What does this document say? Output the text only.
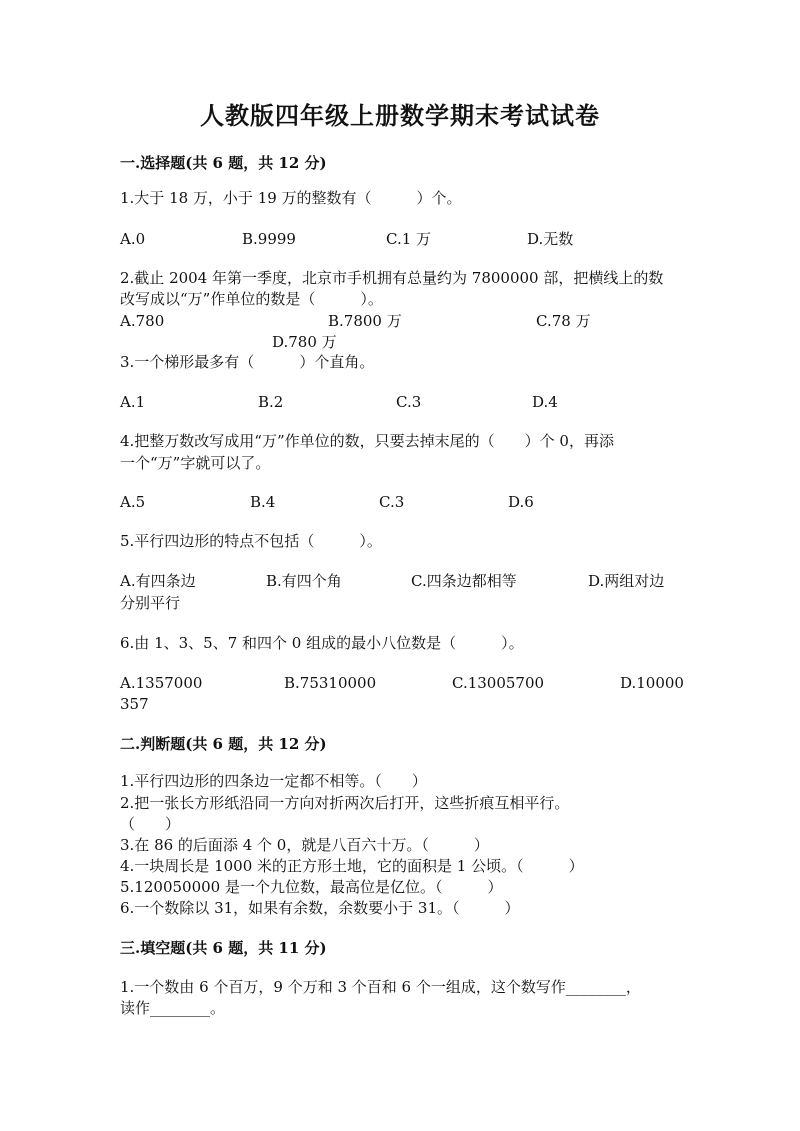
人教版四年级上册数学期末考试试卷
一.选择题(共 6 题，共 12 分)
1.大于 18 万，小于 19 万的整数有（　　　）个。
A.0	B.9999	C.1 万	D.无数
2.截止 2004 年第一季度，北京市手机拥有总量约为 7800000 部，把横线上的数
改写成以“万”作单位的数是（　　　）。
A.780	B.7800 万	C.78 万
D.780 万
3.一个梯形最多有（　　　）个直角。
A.1	B.2	C.3	D.4
4.把整万数改写成用“万”作单位的数，只要去掉末尾的（　　）个 0，再添
一个“万”字就可以了。
A.5	B.4	C.3	D.6
5.平行四边形的特点不包括（　　　）。
A.有四条边	B.有四个角	C.四条边都相等	D.两组对边
分别平行
6.由 1、3、5、7 和四个 0 组成的最小八位数是（　　　）。
A.1357000	B.75310000	C.13005700	D.10000
357
二.判断题(共 6 题，共 12 分)
1.平行四边形的四条边一定都不相等。（　　）
2.把一张长方形纸沿同一方向对折两次后打开，这些折痕互相平行。
（　　）
3.在 86 的后面添 4 个 0，就是八百六十万。（　　　）
4.一块周长是 1000 米的正方形土地，它的面积是 1 公顷。（　　　）
5.120050000 是一个九位数，最高位是亿位。（　　　）
6.一个数除以 31，如果有余数，余数要小于 31。（　　　）
三.填空题(共 6 题，共 11 分)
1.一个数由 6 个百万，9 个万和 3 个百和 6 个一组成，这个数写作________，
读作________。
